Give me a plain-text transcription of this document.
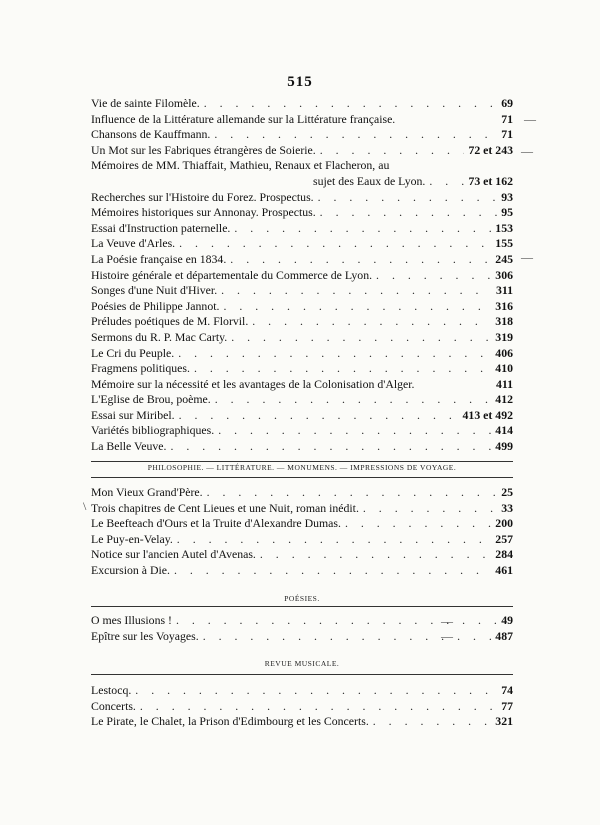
515
Vie de sainte Filomèle. . . .	69
Influence de la Littérature allemande sur la Littérature française.	71
Chansons de Kauffmann. . . .	71
Un Mot sur les Fabriques étrangères de Soierie. . . .	72 et 243
Mémoires de MM. Thiaffait, Mathieu, Renaux et Flacheron, au
sujet des Eaux de Lyon. . . .	73 et 162
Recherches sur l'Histoire du Forez. Prospectus. . . .	93
Mémoires historiques sur Annonay. Prospectus. . . .	95
Essai d'Instruction paternelle. . . .	153
La Veuve d'Arles. . . .	155
La Poésie française en 1834. . . .	245
Histoire générale et départementale du Commerce de Lyon. . . .	306
Songes d'une Nuit d'Hiver. . . .	311
Poésies de Philippe Jannot. . . .	316
Préludes poétiques de M. Florvil. . . .	318
Sermons du R. P. Mac Carty. . . .	319
Le Cri du Peuple. . . .	406
Fragmens politiques. . . .	410
Mémoire sur la nécessité et les avantages de la Colonisation d'Alger.	411
L'Eglise de Brou, poème. . . .	412
Essai sur Miribel. . . .	413 et 492
Variétés bibliographiques. . . .	414
La Belle Veuve. . . .	499
PHILOSOPHIE. — LITTÉRATURE. — MONUMENS. — IMPRESSIONS DE VOYAGE.
Mon Vieux Grand'Père. . . .	25
Trois chapitres de Cent Lieues et une Nuit, roman inédit. . . .	33
Le Beefteach d'Ours et la Truite d'Alexandre Dumas. . . .	200
Le Puy-en-Velay. . . .	257
Notice sur l'ancien Autel d'Avenas. . . .	284
Excursion à Die. . . .	461
POÉSIES.
O mes Illusions ! . . .	49
Epître sur les Voyages. . . .	487
REVUE MUSICALE.
Lestocq. . . .	74
Concerts. . . .	77
Le Pirate, le Chalet, la Prison d'Edimbourg et les Concerts. . . .	321
—
—
—
\
—
—
